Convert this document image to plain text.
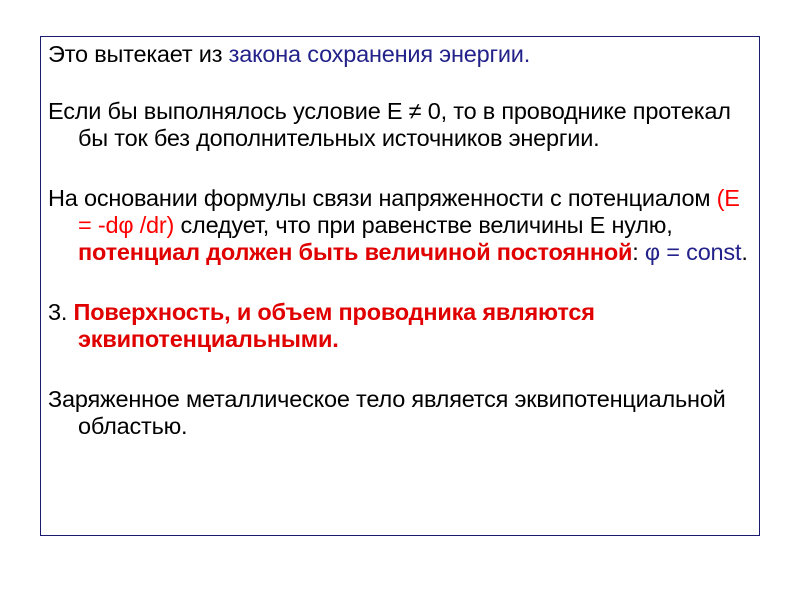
Это вытекает из закона сохранения энергии.

Если бы выполнялось условие Е ≠ 0, то в проводнике протекал бы ток без дополнительных источников энергии.

На основании формулы связи напряженности с потенциалом (Е = -dφ /dr) следует, что при равенстве величины Е нулю, потенциал должен быть величиной постоянной: φ = const.

3. Поверхность, и объем проводника являются эквипотенциальными.

Заряженное металлическое тело является эквипотенциальной областью.
